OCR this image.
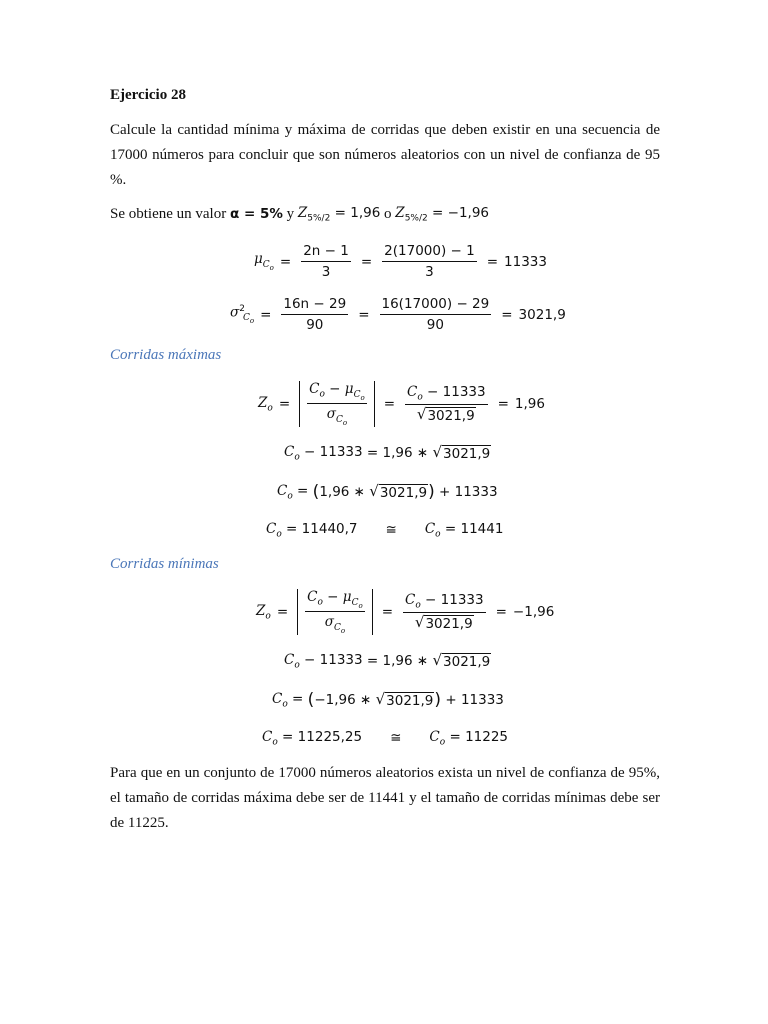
Ejercicio 28
Calcule la cantidad mínima y máxima de corridas que deben existir en una secuencia de 17000 números para concluir que son números aleatorios con un nivel de confianza de 95 %.
Se obtiene un valor
α = 5%
y
$Z_{5\%/2} = 1,96$
o
$Z_{5\%/2} = -1,96$
$\mu_{C_o} = \frac{2n - 1}{3} = \frac{2(17000) - 1}{3} = 11333$
$\sigma^2_{C_o} = \frac{16n - 29}{90} = \frac{16(17000) - 29}{90} = 3021,9$
Corridas máximas
$Z_o = \frac{C_o - \mu_{C_o}}{\sigma_{C_o}} = \frac{C_o - 11333}{√ 3021,9} = 1,96$
$C_o - 11333 = 1,96$ ∗
√ 3021,9
$C_o$ = ( 1,96 ∗
√ 3021,9 )
+ 11333
$C_o = 11440,7$ ≅ $C_o = 11441$
Corridas mínimas
$Z_o = \frac{C_o - \mu_{C_o}}{\sigma_{C_o}} = \frac{C_o - 11333}{√ 3021,9} = -1,96$
$C_o - 11333 = 1,96$ ∗
√ 3021,9
$C_o$ = ( −1,96 ∗
√ 3021,9 )
+ 11333
$C_o = 11225,25$ ≅ $C_o = 11225$
Para que en un conjunto de 17000 números aleatorios exista un nivel de confianza de 95%, el tamaño de corridas máxima debe ser de 11441 y el tamaño de corridas mínimas debe ser de 11225.
